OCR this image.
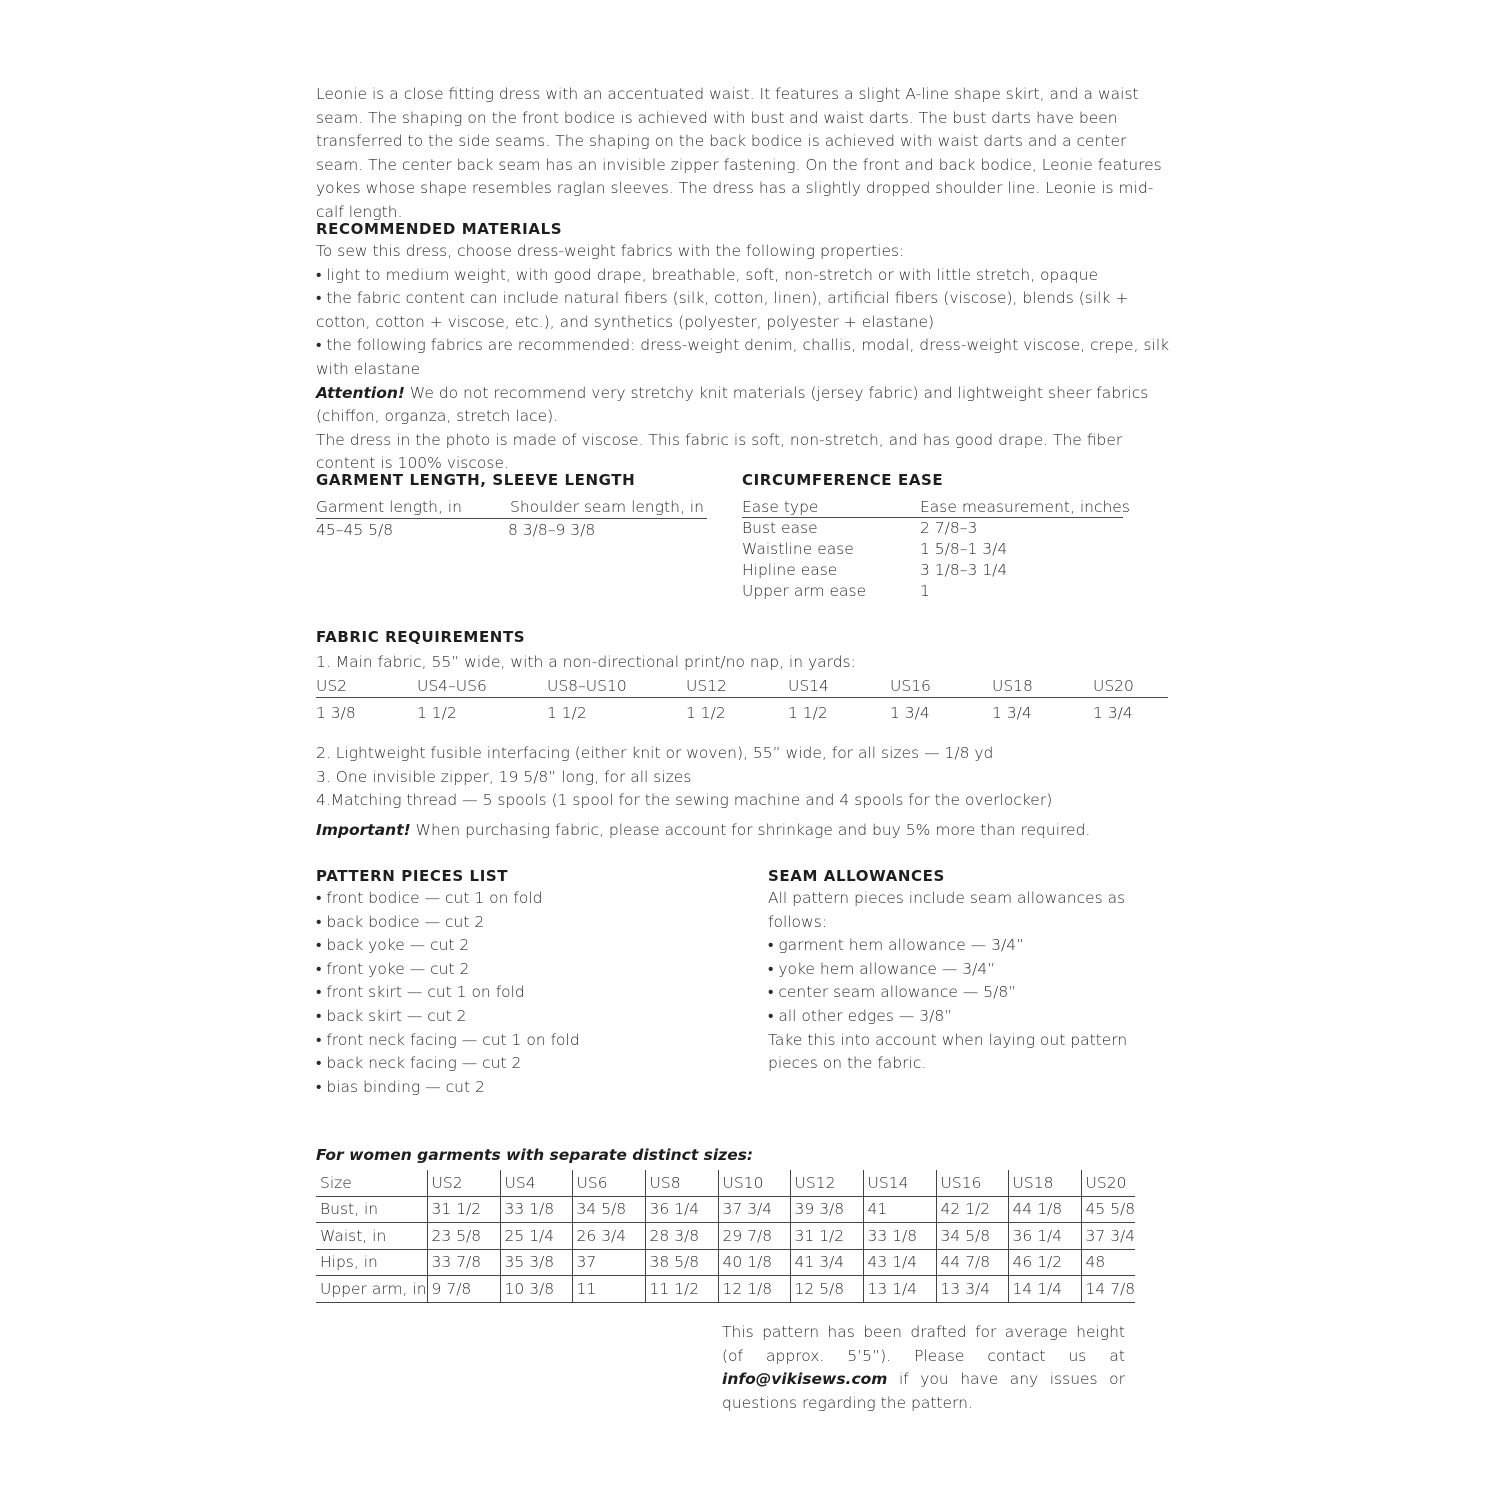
Leonie is a close fitting dress with an accentuated waist. It features a slight A-line shape skirt, and a waist seam. The shaping on the front bodice is achieved with bust and waist darts. The bust darts have been transferred to the side seams. The shaping on the back bodice is achieved with waist darts and a center seam. The center back seam has an invisible zipper fastening. On the front and back bodice, Leonie features yokes whose shape resembles raglan sleeves. The dress has a slightly dropped shoulder line. Leonie is mid-calf length.

RECOMMENDED MATERIALS

To sew this dress, choose dress-weight fabrics with the following properties:

• light to medium weight, with good drape, breathable, soft, non-stretch or with little stretch, opaque

• the fabric content can include natural fibers (silk, cotton, linen), artificial fibers (viscose), blends (silk + cotton, cotton + viscose, etc.), and synthetics (polyester, polyester + elastane)

• the following fabrics are recommended: dress-weight denim, challis, modal, dress-weight viscose, crepe, silk with elastane

Attention! We do not recommend very stretchy knit materials (jersey fabric) and lightweight sheer fabrics (chiffon, organza, stretch lace).

The dress in the photo is made of viscose. This fabric is soft, non-stretch, and has good drape. The fiber content is 100% viscose.

GARMENT LENGTH, SLEEVE LENGTH
Garment length, in	Shoulder seam length, in
45–45 5/8	8 3/8–9 3/8
CIRCUMFERENCE EASE
Ease type	Ease measurement, inches
Bust ease	2 7/8–3
Waistline ease	1 5/8–1 3/4
Hipline ease	3 1/8–3 1/4
Upper arm ease	1
FABRIC REQUIREMENTS
1. Main fabric, 55” wide, with a non-directional print/no nap, in yards:
US2	US4–US6	US8–US10	US12	US14	US16	US18	US20
1 3/8	1 1/2	1 1/2	1 1/2	1 1/2	1 3/4	1 3/4	1 3/4
2. Lightweight fusible interfacing (either knit or woven), 55” wide, for all sizes — 1/8 yd
3. One invisible zipper, 19 5/8” long, for all sizes
4.Matching thread — 5 spools (1 spool for the sewing machine and 4 spools for the overlocker)
Important! When purchasing fabric, please account for shrinkage and buy 5% more than required.
PATTERN PIECES LIST
• front bodice — cut 1 on fold
• back bodice — cut 2
• back yoke — cut 2
• front yoke — cut 2
• front skirt — cut 1 on fold
• back skirt — cut 2
• front neck facing — cut 1 on fold
• back neck facing — cut 2
• bias binding — cut 2
SEAM ALLOWANCES

All pattern pieces include seam allowances as follows:

• garment hem allowance — 3/4”
• yoke hem allowance — 3/4”
• center seam allowance — 5/8”
• all other edges — 3/8”

Take this into account when laying out pattern pieces on the fabric.

For women garments with separate distinct sizes:
Size	US2	US4	US6	US8	US10	US12	US14	US16	US18	US20
Bust, in	31 1/2	33 1/8	34 5/8	36 1/4	37 3/4	39 3/8	41	42 1/2	44 1/8	45 5/8
Waist, in	23 5/8	25 1/4	26 3/4	28 3/8	29 7/8	31 1/2	33 1/8	34 5/8	36 1/4	37 3/4
Hips, in	33 7/8	35 3/8	37	38 5/8	40 1/8	41 3/4	43 1/4	44 7/8	46 1/2	48
Upper arm, in	9 7/8	10 3/8	11	11 1/2	12 1/8	12 5/8	13 1/4	13 3/4	14 1/4	14 7/8

This pattern has been drafted for average height (of approx. 5’5”). Please contact us at info@vikisews.com if you have any issues or questions regarding the pattern.
